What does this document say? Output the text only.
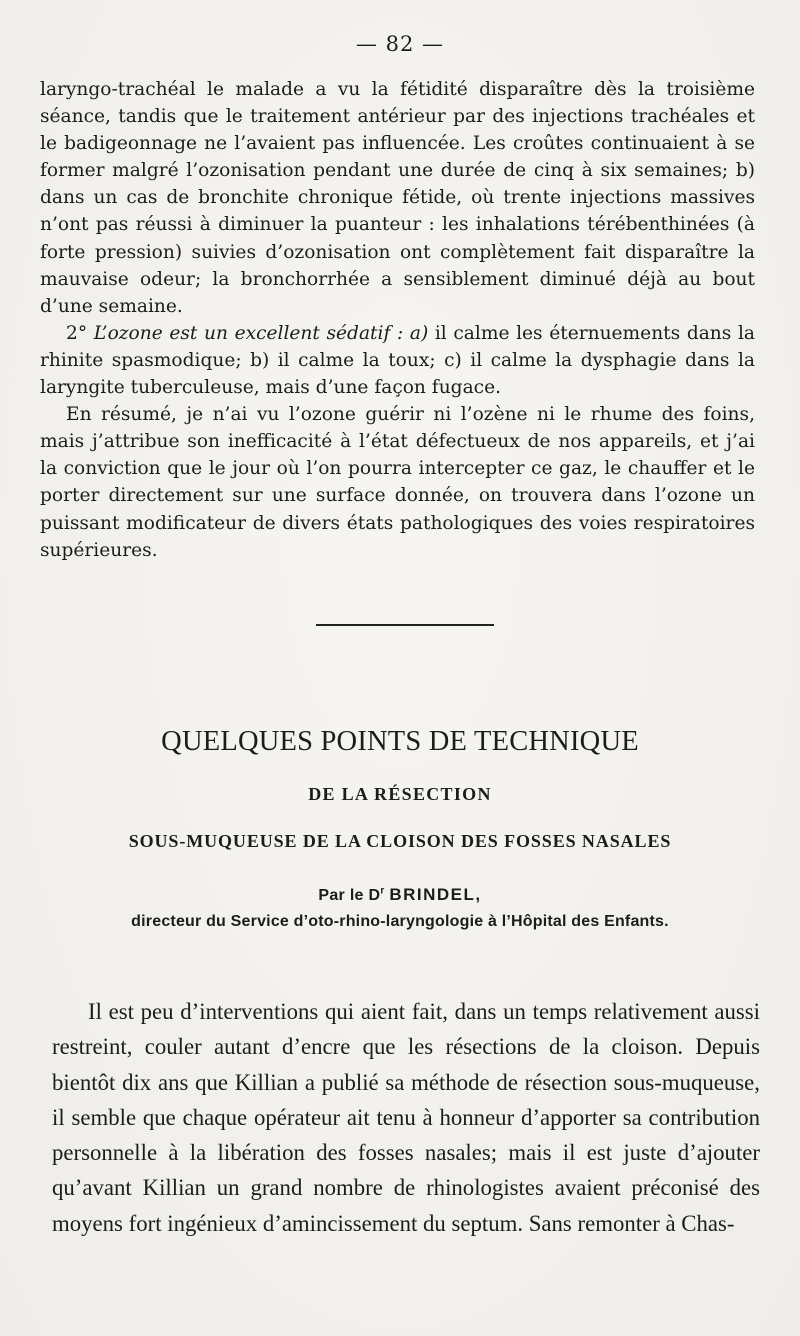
— 82 —

laryngo-trachéal le malade a vu la fétidité disparaître dès la troisième séance, tandis que le traitement antérieur par des injections trachéales et le badigeonnage ne l’avaient pas influencée. Les croûtes continuaient à se former malgré l’ozonisation pendant une durée de cinq à six semaines; b) dans un cas de bronchite chronique fétide, où trente injections massives n’ont pas réussi à diminuer la puanteur : les inhalations térébenthinées (à forte pression) suivies d’ozonisation ont complètement fait disparaître la mauvaise odeur; la bronchorrhée a sensiblement diminué déjà au bout d’une semaine.

2° L’ozone est un excellent sédatif : a) il calme les éternuements dans la rhinite spasmodique; b) il calme la toux; c) il calme la dysphagie dans la laryngite tuberculeuse, mais d’une façon fugace.

En résumé, je n’ai vu l’ozone guérir ni l’ozène ni le rhume des foins, mais j’attribue son inefficacité à l’état défectueux de nos appareils, et j’ai la conviction que le jour où l’on pourra intercepter ce gaz, le chauffer et le porter directement sur une surface donnée, on trouvera dans l’ozone un puissant modificateur de divers états pathologiques des voies respiratoires supérieures.

QUELQUES POINTS DE TECHNIQUE
DE LA RÉSECTION
SOUS-MUQUEUSE DE LA CLOISON DES FOSSES NASALES
Par le $D^r$ BRINDEL,
directeur du Service d’oto-rhino-laryngologie à l’Hôpital des Enfants.

Il est peu d’interventions qui aient fait, dans un temps relativement aussi restreint, couler autant d’encre que les résections de la cloison. Depuis bientôt dix ans que Killian a publié sa méthode de résection sous-muqueuse, il semble que chaque opérateur ait tenu à honneur d’apporter sa contribution personnelle à la libération des fosses nasales; mais il est juste d’ajouter qu’avant Killian un grand nombre de rhinologistes avaient préconisé des moyens fort ingénieux d’amincissement du septum. Sans remonter à Chas-
